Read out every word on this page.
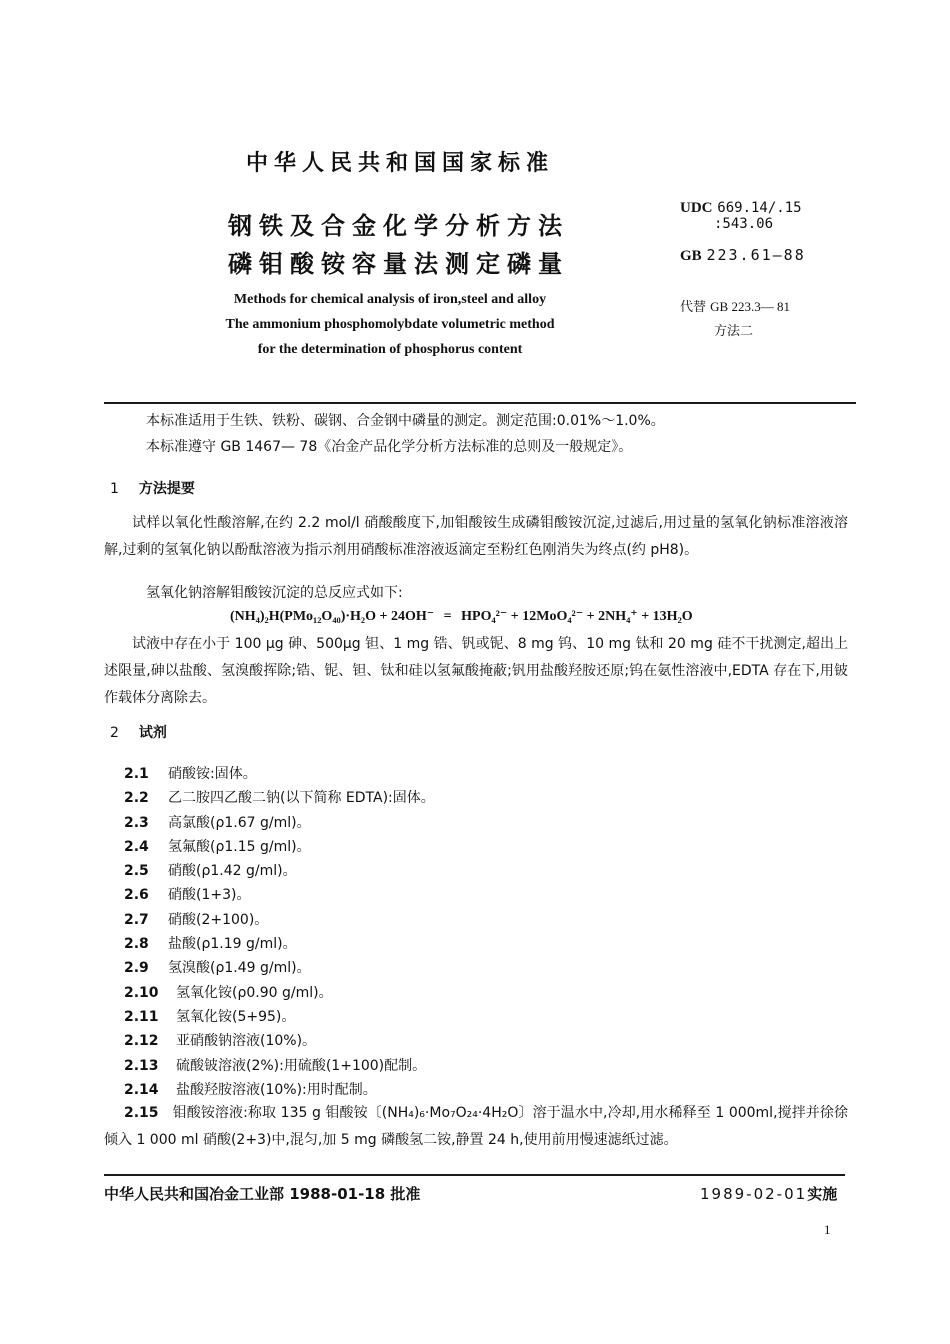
中华人民共和国国家标准
钢铁及合金化学分析方法
磷钼酸铵容量法测定磷量
Methods for chemical analysis of iron,steel and alloy
The ammonium phosphomolybdate volumetric method
for the determination of phosphorus content
UDC 669.14/.15
:543.06
GB 223.61—88
代替 GB 223.3— 81
方法二
本标准适用于生铁、铁粉、碳钢、合金钢中磷量的测定。测定范围:0.01%～1.0%。
本标准遵守 GB 1467— 78《冶金产品化学分析方法标准的总则及一般规定》。
1 方法提要
试样以氧化性酸溶解,在约 2.2 mol/l 硝酸酸度下,加钼酸铵生成磷钼酸铵沉淀,过滤后,用过量的氢氧化钠标准溶液溶解,过剩的氢氧化钠以酚酞溶液为指示剂用硝酸标准溶液返滴定至粉红色刚消失为终点(约 pH8)。
氢氧化钠溶解钼酸铵沉淀的总反应式如下:
(NH₄)₂H(PMo₁₂O₄₀)·H₂O + 24OH⁻ = HPO₄²⁻ + 12MoO₄²⁻ + 2NH₄⁺ + 13H₂O
试液中存在小于 100 μg 砷、500μg 钽、1 mg 锆、钒或铌、8 mg 钨、10 mg 钛和 20 mg 硅不干扰测定,超出上述限量,砷以盐酸、氢溴酸挥除;锆、铌、钽、钛和硅以氢氟酸掩蔽;钒用盐酸羟胺还原;钨在氨性溶液中,EDTA 存在下,用铍作载体分离除去。
2 试剂
2.1 硝酸铵:固体。
2.2 乙二胺四乙酸二钠(以下简称 EDTA):固体。
2.3 高氯酸(ρ1.67 g/ml)。
2.4 氢氟酸(ρ1.15 g/ml)。
2.5 硝酸(ρ1.42 g/ml)。
2.6 硝酸(1+3)。
2.7 硝酸(2+100)。
2.8 盐酸(ρ1.19 g/ml)。
2.9 氢溴酸(ρ1.49 g/ml)。
2.10 氢氧化铵(ρ0.90 g/ml)。
2.11 氢氧化铵(5+95)。
2.12 亚硝酸钠溶液(10%)。
2.13 硫酸铍溶液(2%):用硫酸(1+100)配制。
2.14 盐酸羟胺溶液(10%):用时配制。
2.15 钼酸铵溶液:称取 135 g 钼酸铵〔(NH₄)₆·Mo₇O₂₄·4H₂O〕溶于温水中,冷却,用水稀释至 1 000ml,搅拌并徐徐倾入 1 000 ml 硝酸(2+3)中,混匀,加 5 mg 磷酸氢二铵,静置 24 h,使用前用慢速滤纸过滤。
中华人民共和国冶金工业部 1988-01-18 批准	1989-02-01实施
1
